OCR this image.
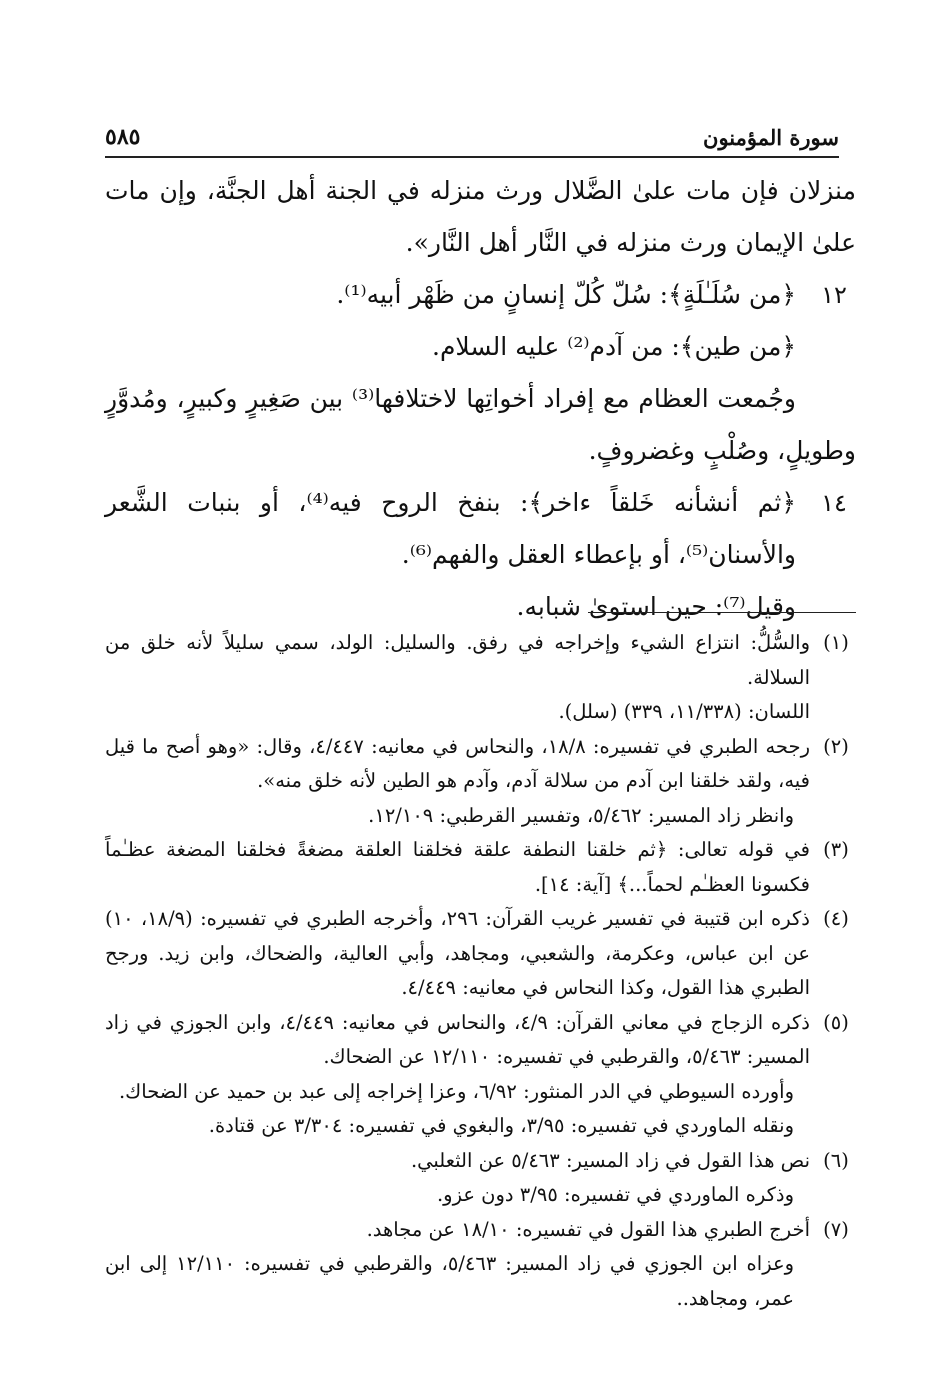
سورة المؤمنون
٥٨٥

منزلان فإن مات علىٰ الضَّلال ورث منزله في الجنة أهل الجنَّة، وإن مات علىٰ الإيمان ورث منزله في النَّار أهل النَّار».

١٢

﴿من سُلَـٰلَةٍ﴾: سُلّ كُلّ إنسانٍ من ظَهْر أبيه⁽¹⁾.

﴿من طين﴾: من آدم⁽²⁾ عليه السلام.

وجُمعت العظام مع إفراد أخواتِها لاختلافها⁽³⁾ بين صَغِيرٍ وكبيرٍ، ومُدوَّرٍ وطويلٍ، وصُلْبٍ وغضروفٍ.

١٤

﴿ثم أنشأنه خَلقاً ءاخر﴾: بنفخ الروح فيه⁽⁴⁾، أو بنبات الشَّعر والأسنان⁽⁵⁾، أو بإعطاء العقل والفهم⁽⁶⁾.

وقيل⁽⁷⁾: حين استوىٰ شبابه.

(١)
والسُّلُّ: انتزاع الشيء وإخراجه في رفق. والسليل: الولد، سمي سليلاً لأنه خلق من السلالة.
اللسان: (١١/٣٣٨، ٣٣٩) (سلل).
(٢)
رجحه الطبري في تفسيره: ١٨/٨، والنحاس في معانيه: ٤/٤٤٧، وقال: «وهو أصح ما قيل فيه، ولقد خلقنا ابن آدم من سلالة آدم، وآدم هو الطين لأنه خلق منه».
وانظر زاد المسير: ٥/٤٦٢، وتفسير القرطبي: ١٢/١٠٩.
(٣)
في قوله تعالى: ﴿ثم خلقنا النطفة علقة فخلقنا العلقة مضغةً فخلقنا المضغة عظـٰماً فكسونا العظـٰم لحماً...﴾ [آية: ١٤].
(٤)
ذكره ابن قتيبة في تفسير غريب القرآن: ٢٩٦، وأخرجه الطبري في تفسيره: (١٨/٩، ١٠) عن ابن عباس، وعكرمة، والشعبي، ومجاهد، وأبي العالية، والضحاك، وابن زيد. ورجح الطبري هذا القول، وكذا النحاس في معانيه: ٤/٤٤٩.
(٥)
ذكره الزجاج في معاني القرآن: ٤/٩، والنحاس في معانيه: ٤/٤٤٩، وابن الجوزي في زاد المسير: ٥/٤٦٣، والقرطبي في تفسيره: ١٢/١١٠ عن الضحاك.
وأورده السيوطي في الدر المنثور: ٦/٩٢، وعزا إخراجه إلى عبد بن حميد عن الضحاك.
ونقله الماوردي في تفسيره: ٣/٩٥، والبغوي في تفسيره: ٣/٣٠٤ عن قتادة.
(٦)
نص هذا القول في زاد المسير: ٥/٤٦٣ عن الثعلبي.
وذكره الماوردي في تفسيره: ٣/٩٥ دون عزو.
(٧)
أخرج الطبري هذا القول في تفسيره: ١٨/١٠ عن مجاهد.
وعزاه ابن الجوزي في زاد المسير: ٥/٤٦٣، والقرطبي في تفسيره: ١٢/١١٠ إلى ابن عمر، ومجاهد..
